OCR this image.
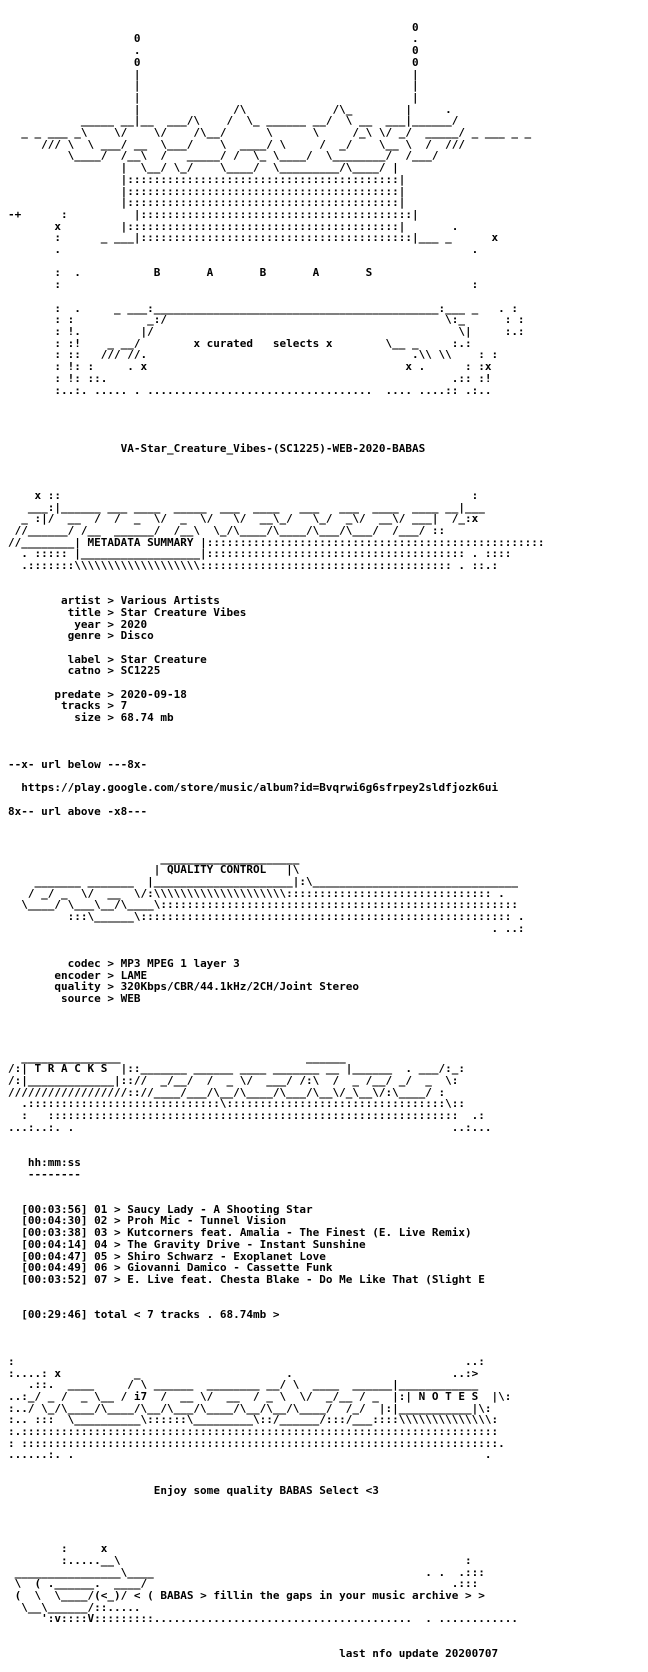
0
0                                         .
.                                         0
0                                         0
|                                         |
|                                         |
|                                         |
|              /\             /\_        |     .
_____ __|__  ___/\    /  \_ ______ __/  \ __  ___|______/
_ _ ___ _\    \/    \/    /\__/      \      \     /_\ \/ _/  _____/ _ ___ _ _
/// \  \ ___/ __  \___/    \  ____/ \     /  _/    \__ \  /  ///
\____/  /__\  /   _____/ /  \_ \____/  \________/  /___/
|  \__/ \_/    \____/  \_________/\____/ |
|:::::::::::::::::::::::::::::::::::::::::|
|:::::::::::::::::::::::::::::::::::::::::|
|:::::::::::::::::::::::::::::::::::::::::|
-+	:          |:::::::::::::::::::::::::::::::::::::::::|
x	|:::::::::::::::::::::::::::::::::::::::::|       .
:      _ ___|:::::::::::::::::::::::::::::::::::::::::|___ _      x
.                                                              .

:  .           B       A       B       A       S
:                                                              :

:  .     _ ___:___________________________________________:___ _   . :
: :           _:/                                          \:_      : :
: !.         |/                                              \|     :.:
: :!    _ __/	x curated   selects x	\__ _     :.:
: ::   /// //.                                        .\\ \\    : :
: !: :     . x                                       x .      : :x
: !: ::.                                                    .:: :!
:..:. ..... . ..................................  .... ....:: .:..

VA-Star_Creature_Vibes-(SC1225)-WEB-2020-BABAS

x ::                                                              :
___:|______ ___ ____  _____  ___  ____   ___   ___  ____  ____ __|___
_ :|/  __  /  /  _  \/  _  \/   \/  __\_/   \_/  _\/  __\/ ___|  /_:x
//______/ /__  ______/  /__\  \_/\____/\____/\___/\___/  /___/ ::
//________| METADATA SUMMARY |:::::::::::::::::::::::::::::::::::::::::::::::::::
. ::::: |__________________|::::::::::::::::::::::::::::::::::::::: . ::::
.:::::::\\\\\\\\\\\\\\\\\\\:::::::::::::::::::::::::::::::::::::: . ::.:

artist > Various Artists
title > Star Creature Vibes
year > 2020
genre > Disco

label > Star Creature
catno > SC1225

predate > 2020-09-18
tracks > 7
size > 68.74 mb

--x- url below ---8x-

https://play.google.com/store/music/album?id=Bvqrwi6g6sfrpey2sldfjozk6ui

8x-- url above -x8---

_____________________
| QUALITY CONTROL   |\
_______ _______  |_____________________|:\_______________________________
/ _/ _  \/  __  \/:\\\\\\\\\\\\\\\\\\\\::::::::::::::::::::::::::::::: .
\____/ \___\__/\____\::::::::::::::::::::::::::::::::::::::::::::::::::::::
:::\______\:::::::::::::::::::::::::::::::::::::::::::::::::::::::: .
. ..:

codec > MP3 MPEG 1 layer 3
encoder > LAME
quality > 320Kbps/CBR/44.1kHz/2CH/Joint Stereo
source > WEB

_______________                            ______
/:| T R A C K S  |::_______ ______ ____ _______ __ |______  . ___/:_:
/:|_____________|:://  _/__/  /  _ \/  ___/ /:\  /  _ /__/ _/  _  \:
//////////////////:://____/___/\__/\____/\___/\__\/_\__\/:\____/ :
.:::::::::::::::::::::::::::::\:::::::::::::::::::::::::::::::::\::
:   ::::::::::::::::::::::::::::::::::::::::::::::::::::::::::::::  .:
...:..:. .                                                         ..:...

hh:mm:ss
--------

[00:03:56] 01 > Saucy Lady - A Shooting Star
[00:04:30] 02 > Proh Mic - Tunnel Vision
[00:03:38] 03 > Kutcorners feat. Amalia - The Finest (E. Live Remix)
[00:04:14] 04 > The Gravity Drive - Instant Sunshine
[00:04:47] 05 > Shiro Schwarz - Exoplanet Love
[00:04:49] 06 > Giovanni Damico - Cassette Funk
[00:03:52] 07 > E. Live feat. Chesta Blake - Do Me Like That (Slight E

[00:29:46] total < 7 tracks . 68.74mb >

:                                                                    ..:
:....: x           _                      .                        ..:>
.::.  ____     / \ ______  ________ __/ \  ____  ______|____________
..:_/ _ /  _ \__ / i7  /  __ \/  __  / _ \  \/  _/__ / _  |:| N O T E S  |\:
:../ \_/\____/\____/\__/\___/\____/\__/\__/\____/  /_/  |:|___________|\:
:.. :::  \__________\::::::\_________\::/______/:::/___::::\\\\\\\\\\\\\\:
:.::::::::::::::::::::::::::::::::::::::::::::::::::::::::::::::::::::::::
: ::::::::::::::::::::::::::::::::::::::::::::::::::::::::::::::::::::::::.
......:. .                                                              .

Enjoy some quality BABAS Select <3

:     x
:.....__\                                                    :
________________\____                                         . .  .:::
\  ( .______.  ____/                                              .:::
(  \  \____/(<_)/ < ( BABAS > fillin the gaps in your music archive > >
\__\______/::.....
':v::::V:::::::::.......................................  . ............

last nfo update 20200707
